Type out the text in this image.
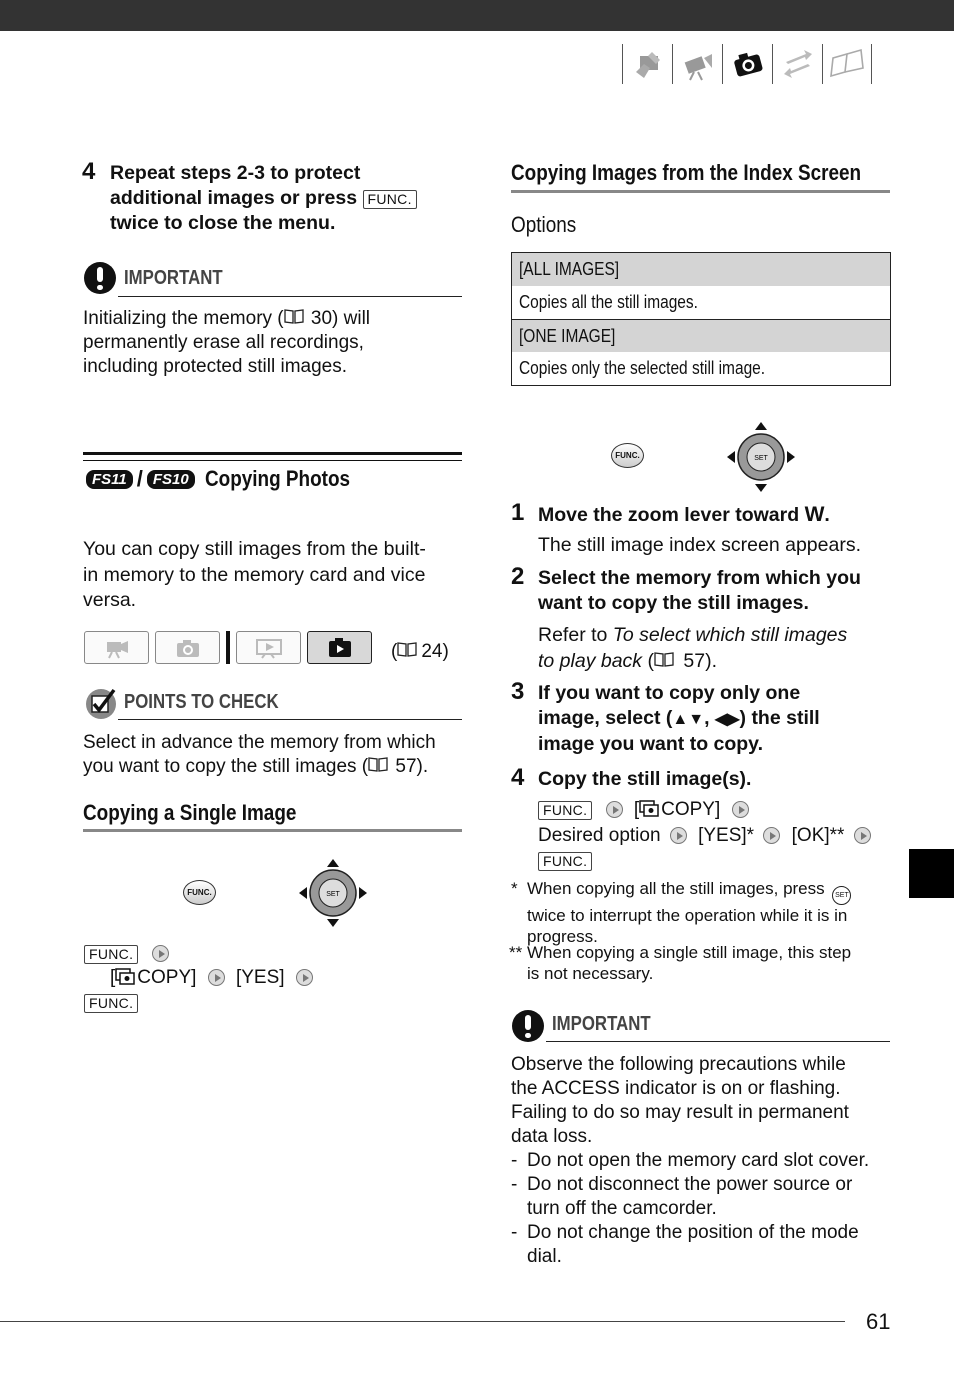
4 Repeat steps 2-3 to protect
additional images or press FUNC.
twice to close the menu.
IMPORTANT
Initializing the memory ( 30) will
permanently erase all recordings,
including protected still images.
FS11 / FS10 Copying Photos
You can copy still images from the built-
in memory to the memory card and vice
versa.
( 24)
POINTS TO CHECK
Select in advance the memory from which
you want to copy the still images ( 57).
Copying a Single Image
FUNC.	SET
FUNC.
[ COPY] [YES]
FUNC.
Copying Images from the Index Screen
Options
[ALL IMAGES]
Copies all the still images.
[ONE IMAGE]
Copies only the selected still image.
FUNC.	SET
1 Move the zoom lever toward W.
The still image index screen appears.
2 Select the memory from which you
want to copy the still images.
Refer to To select which still images
to play back ( 57).
3 If you want to copy only one
image, select (▲▼, ◀▶) the still
image you want to copy.
4 Copy the still image(s).
FUNC. [ COPY]
Desired option [YES]* [OK]**
FUNC.
* When copying all the still images, press SET
twice to interrupt the operation while it is in
progress.
** When copying a single still image, this step
is not necessary.
IMPORTANT
Observe the following precautions while
the ACCESS indicator is on or flashing.
Failing to do so may result in permanent
data loss.
- Do not open the memory card slot cover.
- Do not disconnect the power source or
turn off the camcorder.
- Do not change the position of the mode
dial.
61
